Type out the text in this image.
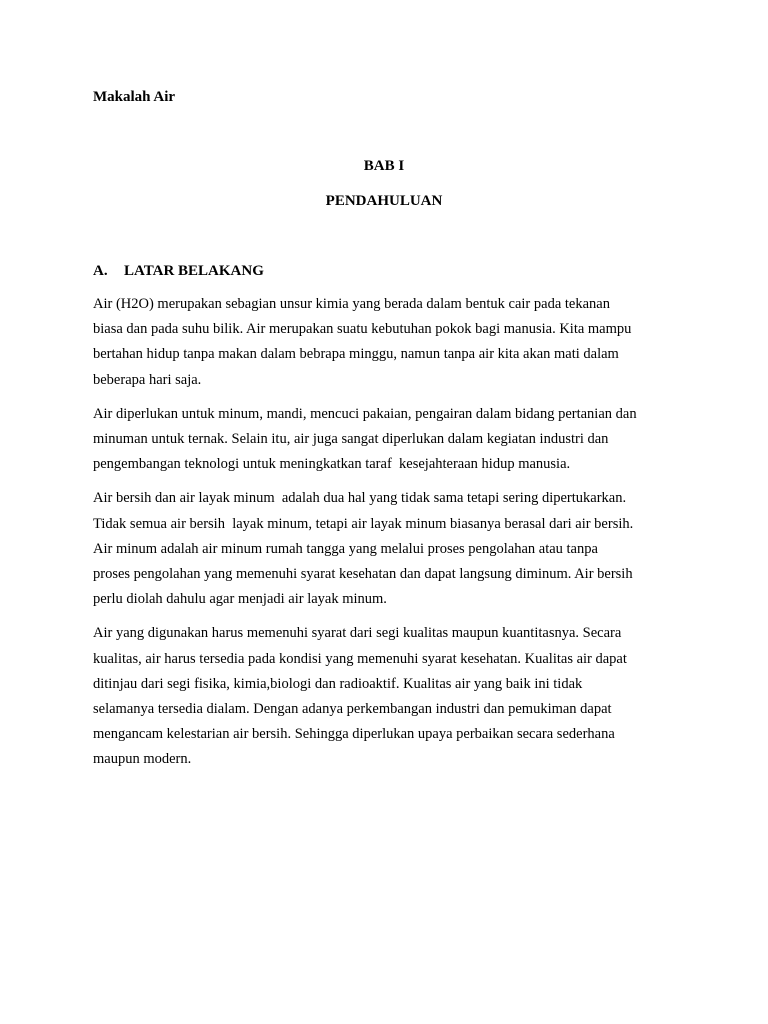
Makalah Air
BAB I
PENDAHULUAN
A. LATAR BELAKANG
Air (H2O) merupakan sebagian unsur kimia yang berada dalam bentuk cair pada tekanan
biasa dan pada suhu bilik. Air merupakan suatu kebutuhan pokok bagi manusia. Kita mampu
bertahan hidup tanpa makan dalam bebrapa minggu, namun tanpa air kita akan mati dalam
beberapa hari saja.
Air diperlukan untuk minum, mandi, mencuci pakaian, pengairan dalam bidang pertanian dan
minuman untuk ternak. Selain itu, air juga sangat diperlukan dalam kegiatan industri dan
pengembangan teknologi untuk meningkatkan taraf  kesejahteraan hidup manusia.
Air bersih dan air layak minum  adalah dua hal yang tidak sama tetapi sering dipertukarkan.
Tidak semua air bersih  layak minum, tetapi air layak minum biasanya berasal dari air bersih.
Air minum adalah air minum rumah tangga yang melalui proses pengolahan atau tanpa
proses pengolahan yang memenuhi syarat kesehatan dan dapat langsung diminum. Air bersih
perlu diolah dahulu agar menjadi air layak minum.
Air yang digunakan harus memenuhi syarat dari segi kualitas maupun kuantitasnya. Secara
kualitas, air harus tersedia pada kondisi yang memenuhi syarat kesehatan. Kualitas air dapat
ditinjau dari segi fisika, kimia,biologi dan radioaktif. Kualitas air yang baik ini tidak
selamanya tersedia dialam. Dengan adanya perkembangan industri dan pemukiman dapat
mengancam kelestarian air bersih. Sehingga diperlukan upaya perbaikan secara sederhana
maupun modern.
